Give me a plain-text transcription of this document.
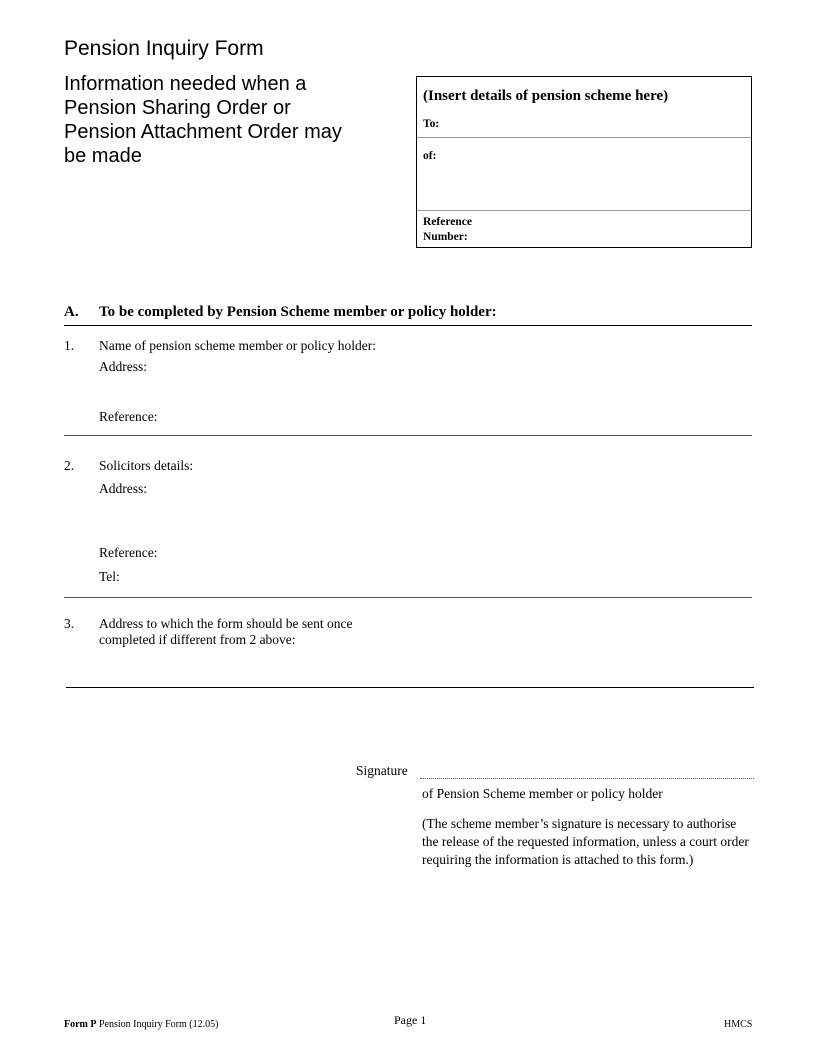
Pension Inquiry Form
Information needed when a Pension Sharing Order or Pension Attachment Order may be made
(Insert details of pension scheme here)
To:
of:
Reference
Number:
A. To be completed by Pension Scheme member or policy holder:
1. Name of pension scheme member or policy holder:
Address:
Reference:
2. Solicitors details:
Address:
Reference:
Tel:
3. Address to which the form should be sent once
completed if different from 2 above:
Signature
of Pension Scheme member or policy holder
(The scheme member’s signature is necessary to authorise the release of the requested information, unless a court order requiring the information is attached to this form.)
Form P Pension Inquiry Form (12.05)	Page 1	HMCS
